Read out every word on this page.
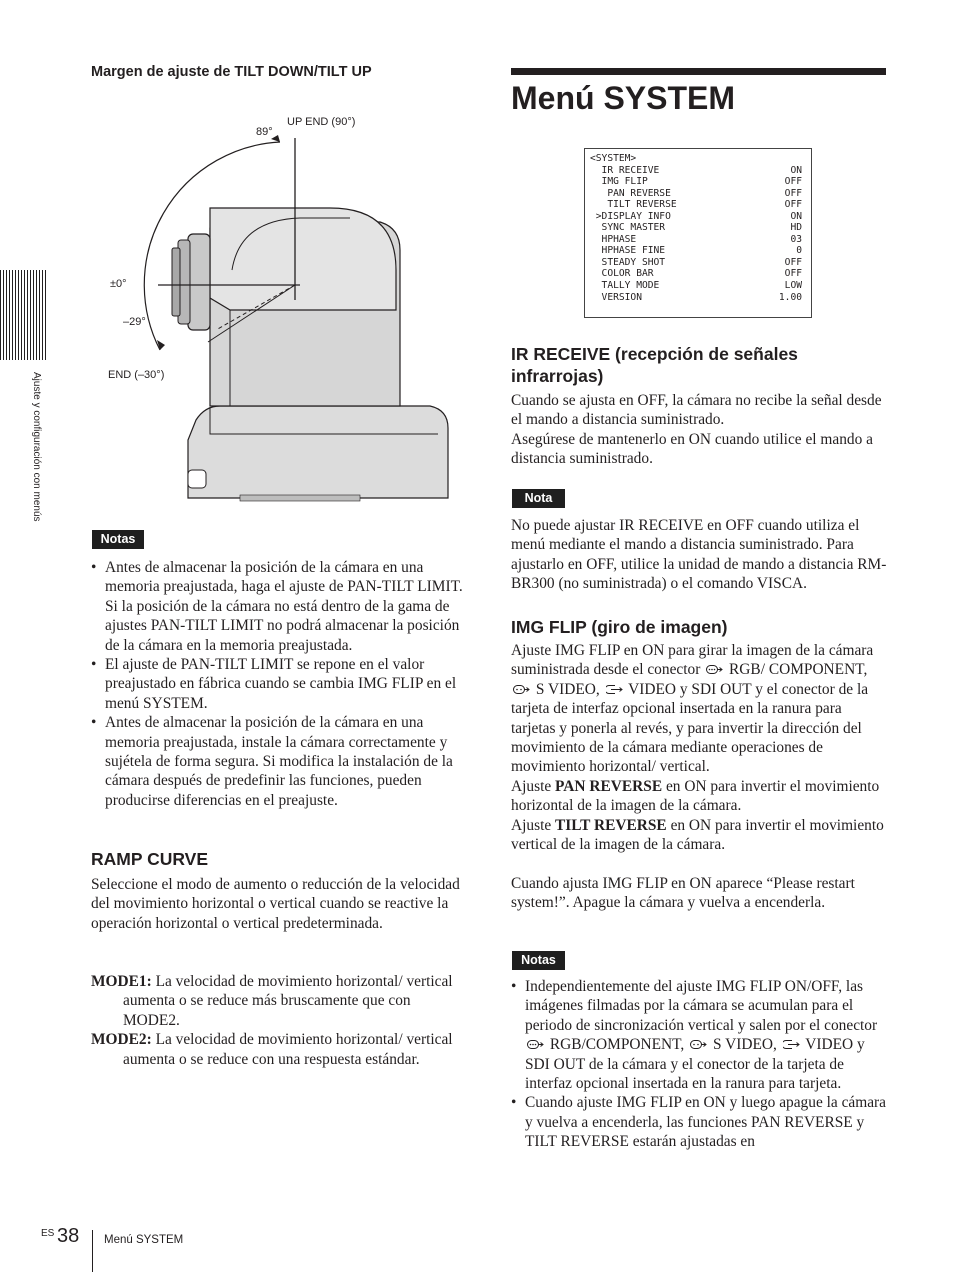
Ajuste y configuración con menús
Margen de ajuste de TILT DOWN/TILT UP
UP END (90°)
89°
±0°
–29°
END (–30°)
Notas
• Antes de almacenar la posición de la cámara en una memoria preajustada, haga el ajuste de PAN-TILT LIMIT. Si la posición de la cámara no está dentro de la gama de ajustes PAN-TILT LIMIT no podrá almacenar la posición de la cámara en la memoria preajustada.
• El ajuste de PAN-TILT LIMIT se repone en el valor preajustado en fábrica cuando se cambia IMG FLIP en el menú SYSTEM.
• Antes de almacenar la posición de la cámara en una memoria preajustada, instale la cámara correctamente y sujétela de forma segura. Si modifica la instalación de la cámara después de predefinir las funciones, pueden producirse diferencias en el preajuste.
RAMP CURVE
Seleccione el modo de aumento o reducción de la velocidad del movimiento horizontal o vertical cuando se reactive la operación horizontal o vertical predeterminada.
MODE1: La velocidad de movimiento horizontal/ vertical aumenta o se reduce más bruscamente que con MODE2.
MODE2: La velocidad de movimiento horizontal/ vertical aumenta o se reduce con una respuesta estándar.
Menú SYSTEM
<SYSTEM>
IR RECEIVE	ON
IMG FLIP	OFF
PAN REVERSE	OFF
TILT REVERSE	OFF
>DISPLAY INFO	ON
SYNC MASTER	HD
HPHASE	03
HPHASE FINE	0
STEADY SHOT	OFF
COLOR BAR	OFF
TALLY MODE	LOW
VERSION	1.00
IR RECEIVE (recepción de señales infrarrojas)
Cuando se ajusta en OFF, la cámara no recibe la señal desde el mando a distancia suministrado.
Asegúrese de mantenerlo en ON cuando utilice el mando a distancia suministrado.
Nota
No puede ajustar IR RECEIVE en OFF cuando utiliza el menú mediante el mando a distancia suministrado. Para ajustarlo en OFF, utilice la unidad de mando a distancia RM-BR300 (no suministrada) o el comando VISCA.
IMG FLIP (giro de imagen)
Ajuste IMG FLIP en ON para girar la imagen de la cámara suministrada desde el conector RGB/ COMPONENT,  S VIDEO, VIDEO y SDI OUT y el conector de la tarjeta de interfaz opcional insertada en la ranura para tarjetas y ponerla al revés, y para invertir la dirección del movimiento de la cámara mediante operaciones de movimiento horizontal/ vertical.
Ajuste PAN REVERSE en ON para invertir el movimiento horizontal de la imagen de la cámara.
Ajuste TILT REVERSE en ON para invertir el movimiento vertical de la imagen de la cámara.
Cuando ajusta IMG FLIP en ON aparece “Please restart system!”. Apague la cámara y vuelva a encenderla.
Notas
• Independientemente del ajuste IMG FLIP ON/OFF, las imágenes filmadas por la cámara se acumulan para el periodo de sincronización vertical y salen por el conector  RGB/COMPONENT, S VIDEO, VIDEO y SDI OUT de la cámara y el conector de la tarjeta de interfaz opcional insertada en la ranura para tarjeta.
• Cuando ajuste IMG FLIP en ON y luego apague la cámara y vuelva a encenderla, las funciones PAN REVERSE y TILT REVERSE estarán ajustadas en
ES 38 Menú SYSTEM
